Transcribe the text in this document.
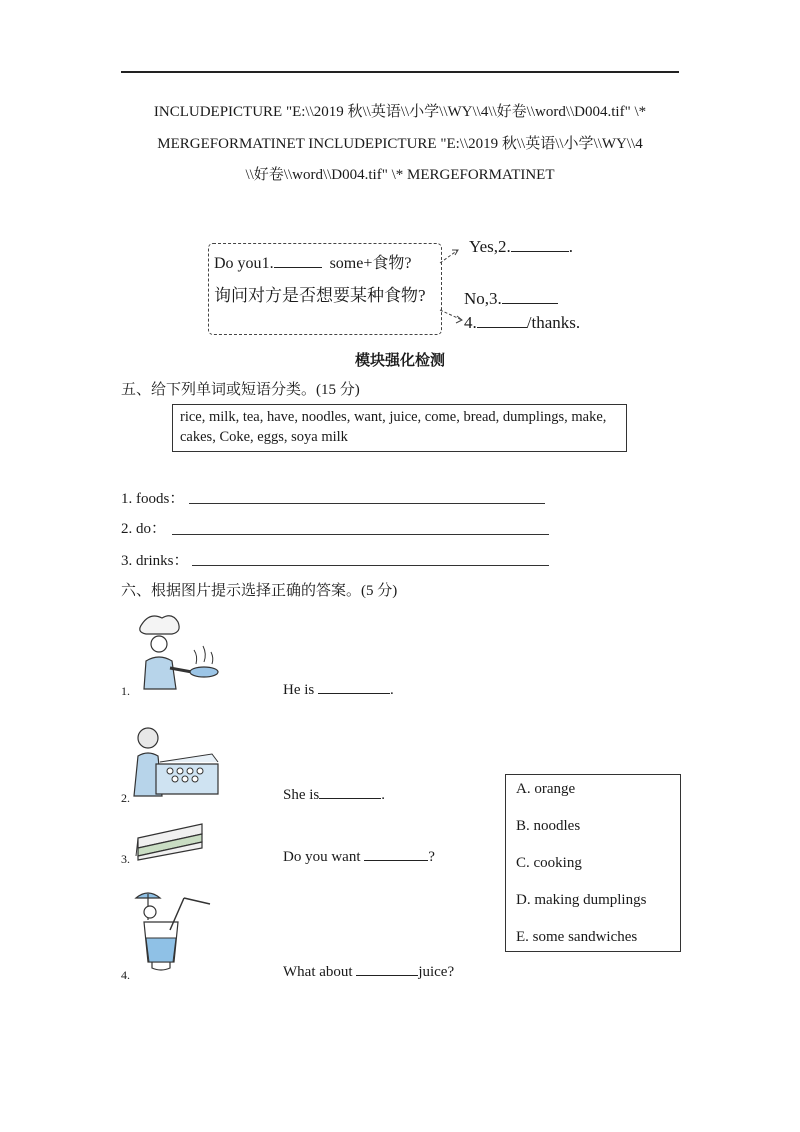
INCLUDEPICTURE "E:\\2019 秋\\英语\\小学\\WY\\4\\好卷\\word\\D004.tif" \*
MERGEFORMATINET INCLUDEPICTURE "E:\\2019 秋\\英语\\小学\\WY\\4
\\好卷\\word\\D004.tif" \* MERGEFORMATINET
Do you1.	some+食物?
询问对方是否想要某种食物?
Yes,2.	.
No,3.
4.	/thanks.
模块强化检测
五、给下列单词或短语分类。(15 分)
rice, milk, tea, have, noodles, want, juice, come, bread, dumplings, make, cakes, Coke, eggs, soya milk
1. foods：
2. do：
3. drinks：
六、根据图片提示选择正确的答案。(5 分)
1.	He is	.
2.	She is	.
3.	Do you want	?
4.	What about	juice?
A. orange
B. noodles
C. cooking
D. making dumplings
E. some sandwiches
